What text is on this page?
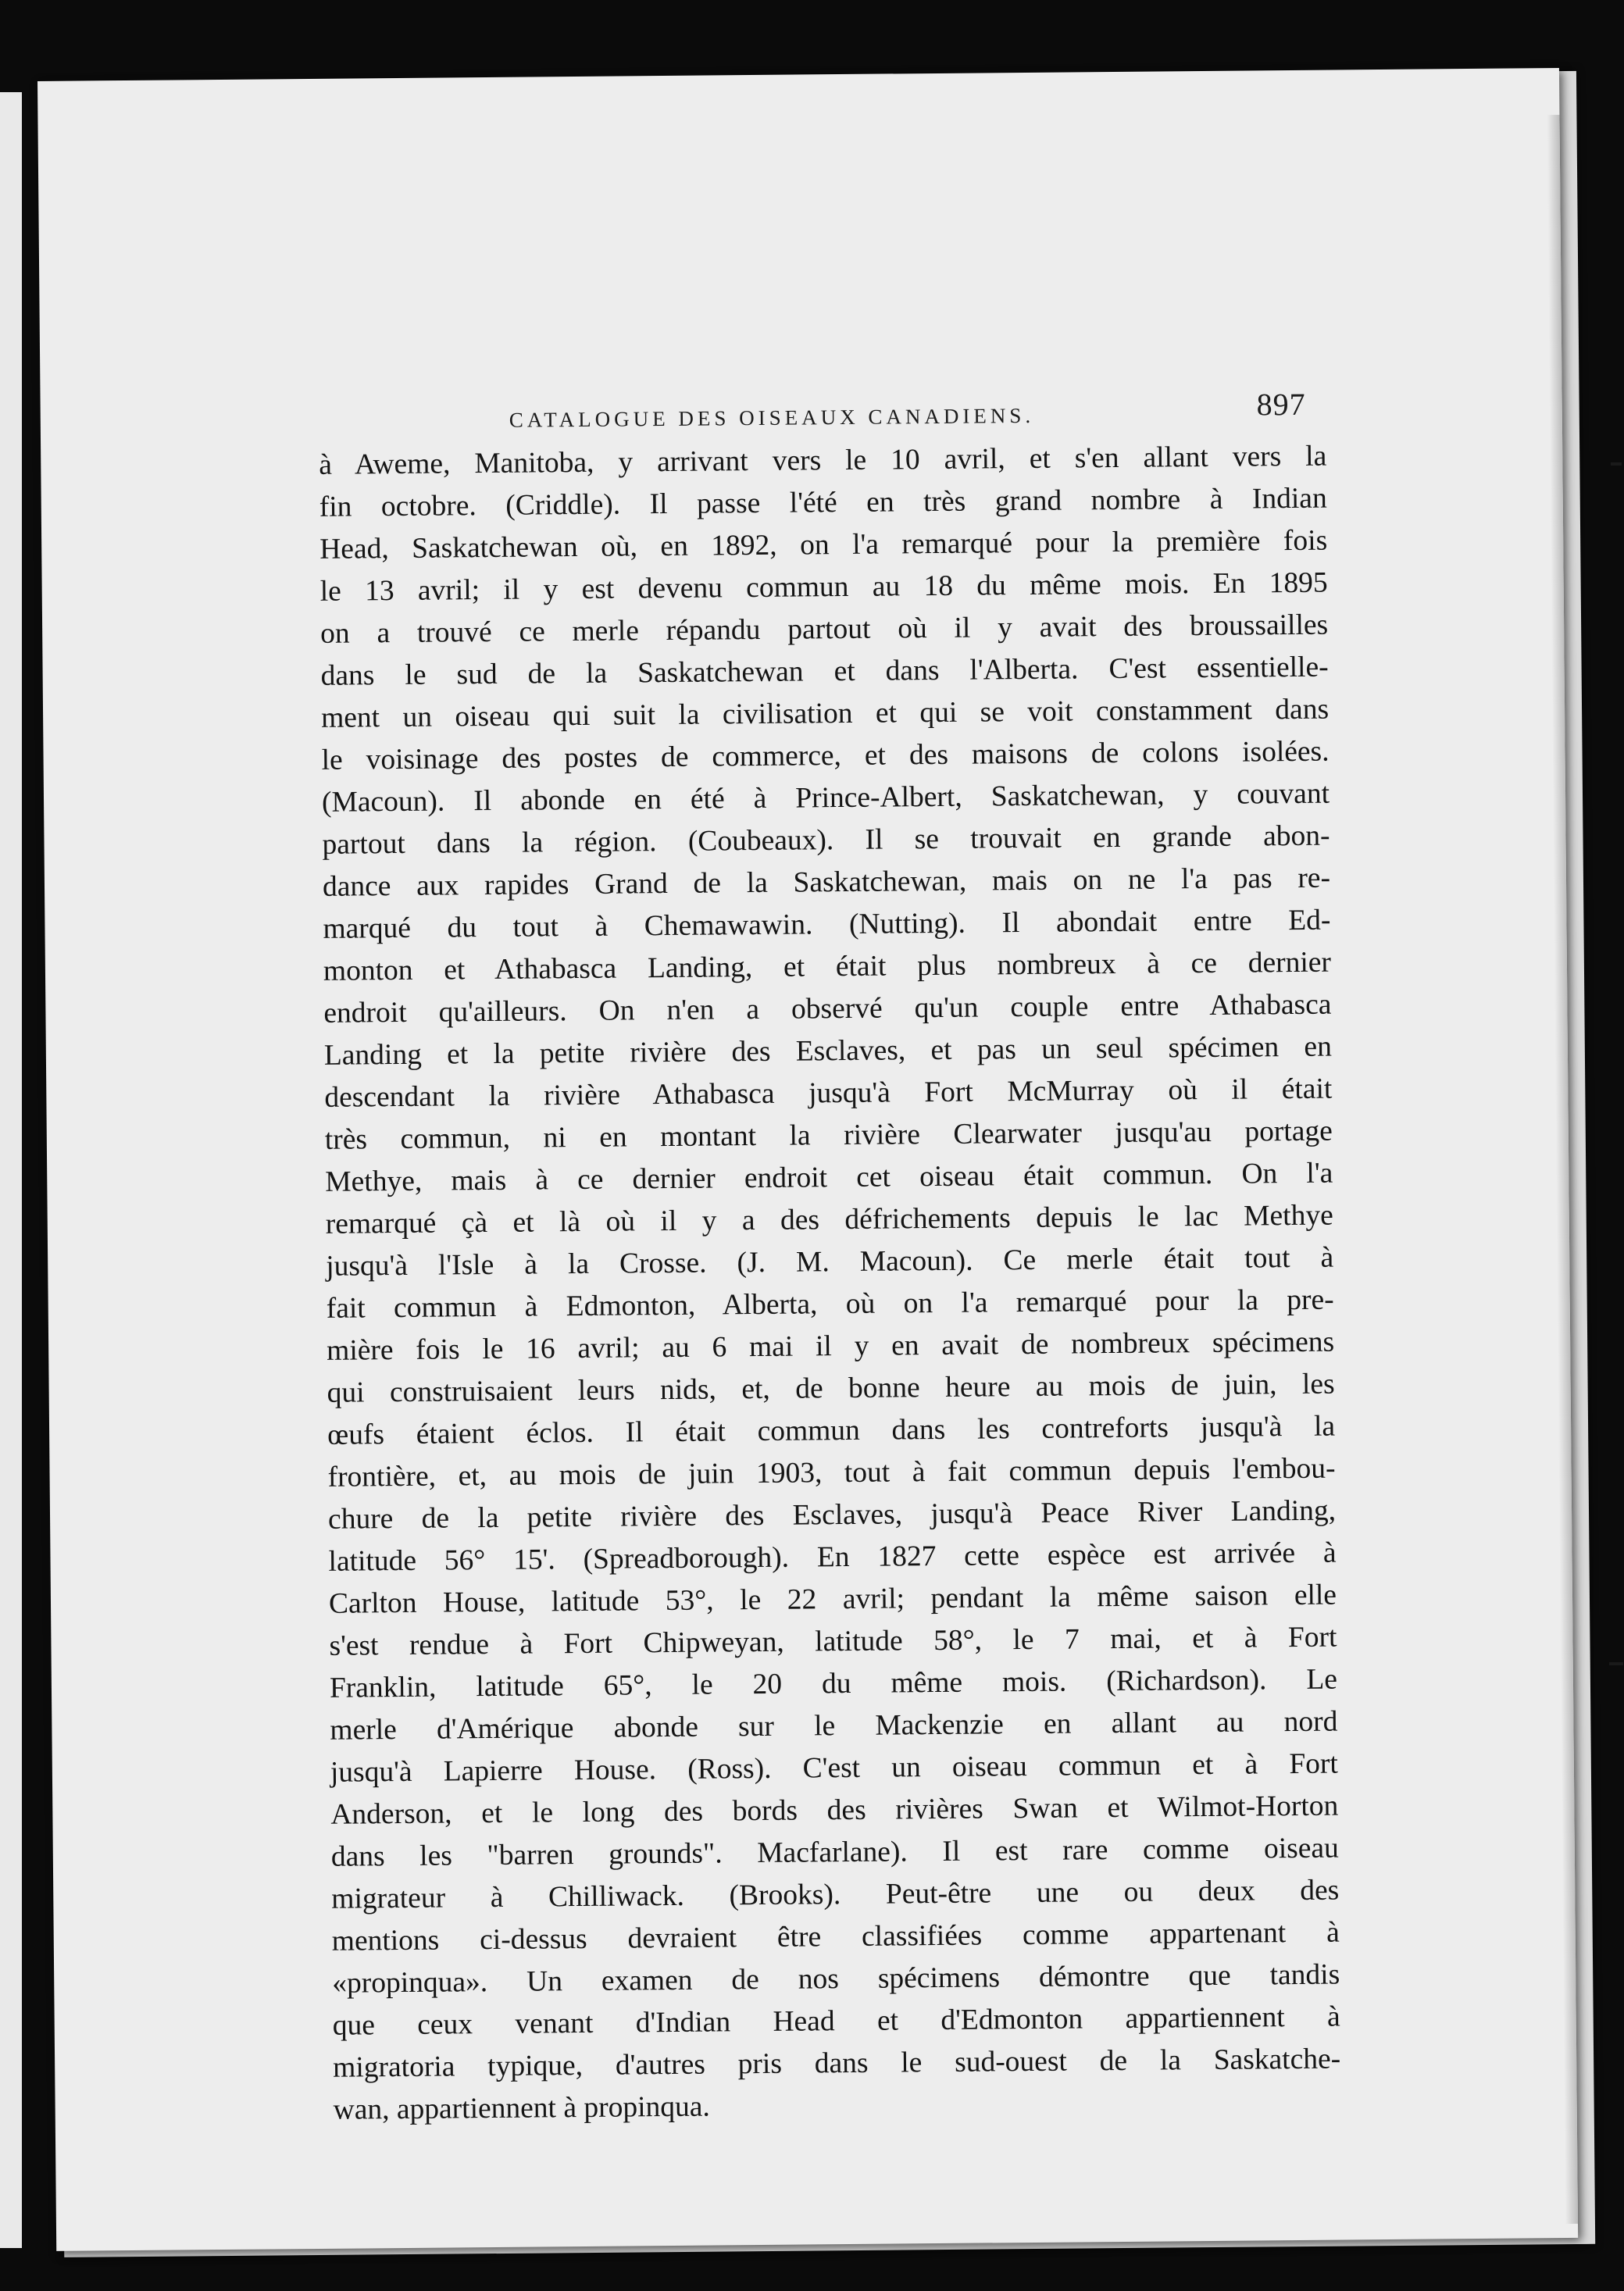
CATALOGUE DES OISEAUX CANADIENS.	897
à Aweme, Manitoba, y arrivant vers le 10 avril, et s'en allant vers la
fin octobre. (Criddle). Il passe l'été en très grand nombre à Indian
Head, Saskatchewan où, en 1892, on l'a remarqué pour la première fois
le 13 avril; il y est devenu commun au 18 du même mois. En 1895
on a trouvé ce merle répandu partout où il y avait des broussailles
dans le sud de la Saskatchewan et dans l'Alberta. C'est essentielle-
ment un oiseau qui suit la civilisation et qui se voit constamment dans
le voisinage des postes de commerce, et des maisons de colons isolées.
(Macoun). Il abonde en été à Prince-Albert, Saskatchewan, y couvant
partout dans la région. (Coubeaux). Il se trouvait en grande abon-
dance aux rapides Grand de la Saskatchewan, mais on ne l'a pas re-
marqué du tout à Chemawawin. (Nutting). Il abondait entre Ed-
monton et Athabasca Landing, et était plus nombreux à ce dernier
endroit qu'ailleurs. On n'en a observé qu'un couple entre Athabasca
Landing et la petite rivière des Esclaves, et pas un seul spécimen en
descendant la rivière Athabasca jusqu'à Fort McMurray où il était
très commun, ni en montant la rivière Clearwater jusqu'au portage
Methye, mais à ce dernier endroit cet oiseau était commun. On l'a
remarqué çà et là où il y a des défrichements depuis le lac Methye
jusqu'à l'Isle à la Crosse. (J. M. Macoun). Ce merle était tout à
fait commun à Edmonton, Alberta, où on l'a remarqué pour la pre-
mière fois le 16 avril; au 6 mai il y en avait de nombreux spécimens
qui construisaient leurs nids, et, de bonne heure au mois de juin, les
œufs étaient éclos. Il était commun dans les contreforts jusqu'à la
frontière, et, au mois de juin 1903, tout à fait commun depuis l'embou-
chure de la petite rivière des Esclaves, jusqu'à Peace River Landing,
latitude 56° 15'. (Spreadborough). En 1827 cette espèce est arrivée à
Carlton House, latitude 53°, le 22 avril; pendant la même saison elle
s'est rendue à Fort Chipweyan, latitude 58°, le 7 mai, et à Fort
Franklin, latitude 65°, le 20 du même mois. (Richardson). Le
merle d'Amérique abonde sur le Mackenzie en allant au nord
jusqu'à Lapierre House. (Ross). C'est un oiseau commun et à Fort
Anderson, et le long des bords des rivières Swan et Wilmot-Horton
dans les "barren grounds". Macfarlane). Il est rare comme oiseau
migrateur à Chilliwack. (Brooks). Peut-être une ou deux des
mentions ci-dessus devraient être classifiées comme appartenant à
«propinqua». Un examen de nos spécimens démontre que tandis
que ceux venant d'Indian Head et d'Edmonton appartiennent à
migratoria typique, d'autres pris dans le sud-ouest de la Saskatche-
wan, appartiennent à propinqua.
